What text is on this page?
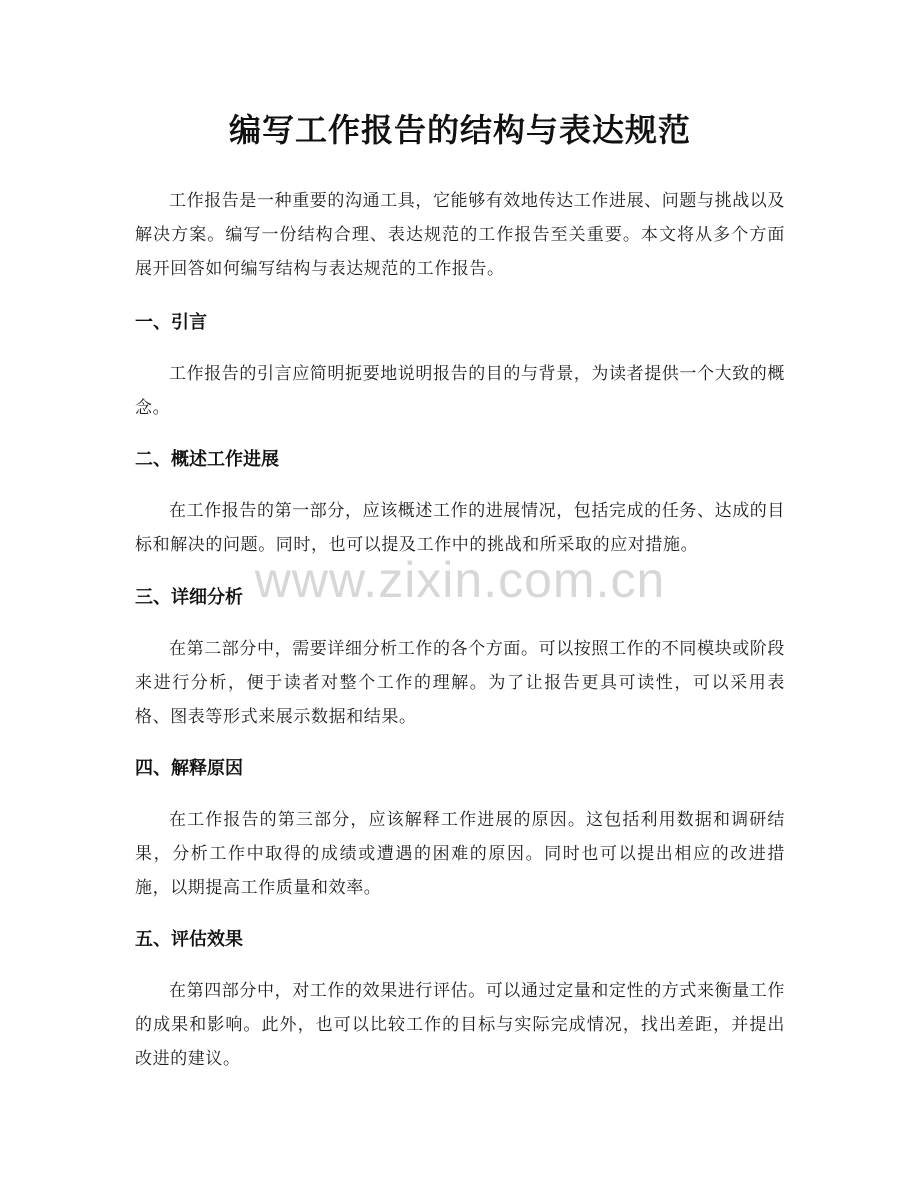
编写工作报告的结构与表达规范

工作报告是一种重要的沟通工具，它能够有效地传达工作进展、问题与挑战以及解决方案。编写一份结构合理、表达规范的工作报告至关重要。本文将从多个方面展开回答如何编写结构与表达规范的工作报告。

一、引言

工作报告的引言应简明扼要地说明报告的目的与背景，为读者提供一个大致的概念。

二、概述工作进展

在工作报告的第一部分，应该概述工作的进展情况，包括完成的任务、达成的目标和解决的问题。同时，也可以提及工作中的挑战和所采取的应对措施。

三、详细分析

在第二部分中，需要详细分析工作的各个方面。可以按照工作的不同模块或阶段来进行分析，便于读者对整个工作的理解。为了让报告更具可读性，可以采用表格、图表等形式来展示数据和结果。

四、解释原因

在工作报告的第三部分，应该解释工作进展的原因。这包括利用数据和调研结果，分析工作中取得的成绩或遭遇的困难的原因。同时也可以提出相应的改进措施，以期提高工作质量和效率。

五、评估效果

在第四部分中，对工作的效果进行评估。可以通过定量和定性的方式来衡量工作的成果和影响。此外，也可以比较工作的目标与实际完成情况，找出差距，并提出改进的建议。

www.zixin.com.cn
